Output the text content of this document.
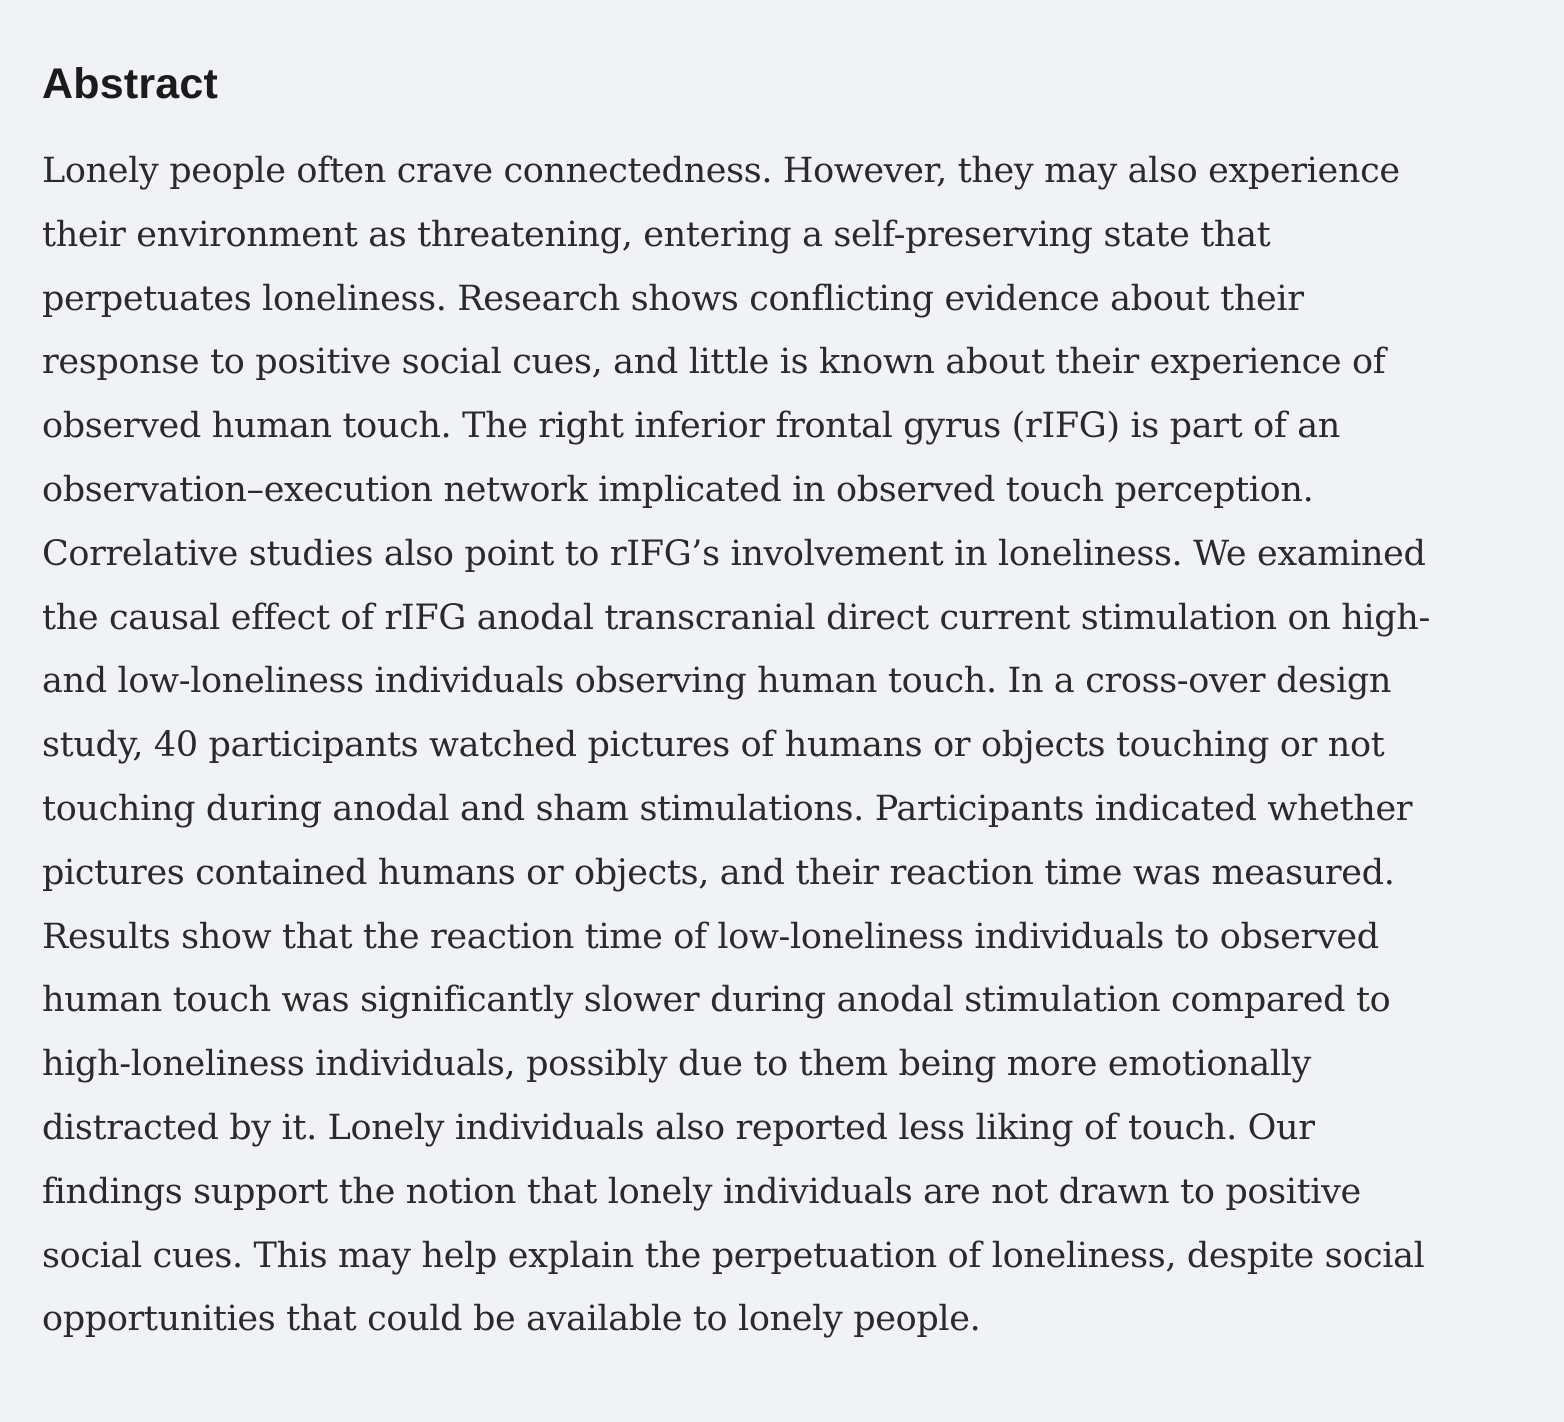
Abstract

Lonely people often crave connectedness. However, they may also experience
their environment as threatening, entering a self-preserving state that
perpetuates loneliness. Research shows conflicting evidence about their
response to positive social cues, and little is known about their experience of
observed human touch. The right inferior frontal gyrus (rIFG) is part of an
observation–execution network implicated in observed touch perception.
Correlative studies also point to rIFG’s involvement in loneliness. We examined
the causal effect of rIFG anodal transcranial direct current stimulation on high-
and low-loneliness individuals observing human touch. In a cross-over design
study, 40 participants watched pictures of humans or objects touching or not
touching during anodal and sham stimulations. Participants indicated whether
pictures contained humans or objects, and their reaction time was measured.
Results show that the reaction time of low-loneliness individuals to observed
human touch was significantly slower during anodal stimulation compared to
high-loneliness individuals, possibly due to them being more emotionally
distracted by it. Lonely individuals also reported less liking of touch. Our
findings support the notion that lonely individuals are not drawn to positive
social cues. This may help explain the perpetuation of loneliness, despite social
opportunities that could be available to lonely people.
